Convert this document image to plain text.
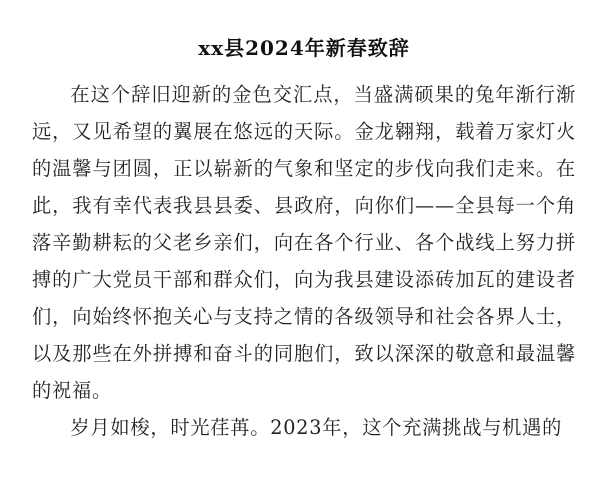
xx县2024年新春致辞

在这个辞旧迎新的金色交汇点，当盛满硕果的兔年渐行渐远，又见希望的翼展在悠远的天际。金龙翱翔，载着万家灯火的温馨与团圆，正以崭新的气象和坚定的步伐向我们走来。在此，我有幸代表我县县委、县政府，向你们——全县每一个角落辛勤耕耘的父老乡亲们，向在各个行业、各个战线上努力拼搏的广大党员干部和群众们，向为我县建设添砖加瓦的建设者们，向始终怀抱关心与支持之情的各级领导和社会各界人士，以及那些在外拼搏和奋斗的同胞们，致以深深的敬意和最温馨的祝福。

岁月如梭，时光荏苒。2023年，这个充满挑战与机遇的
